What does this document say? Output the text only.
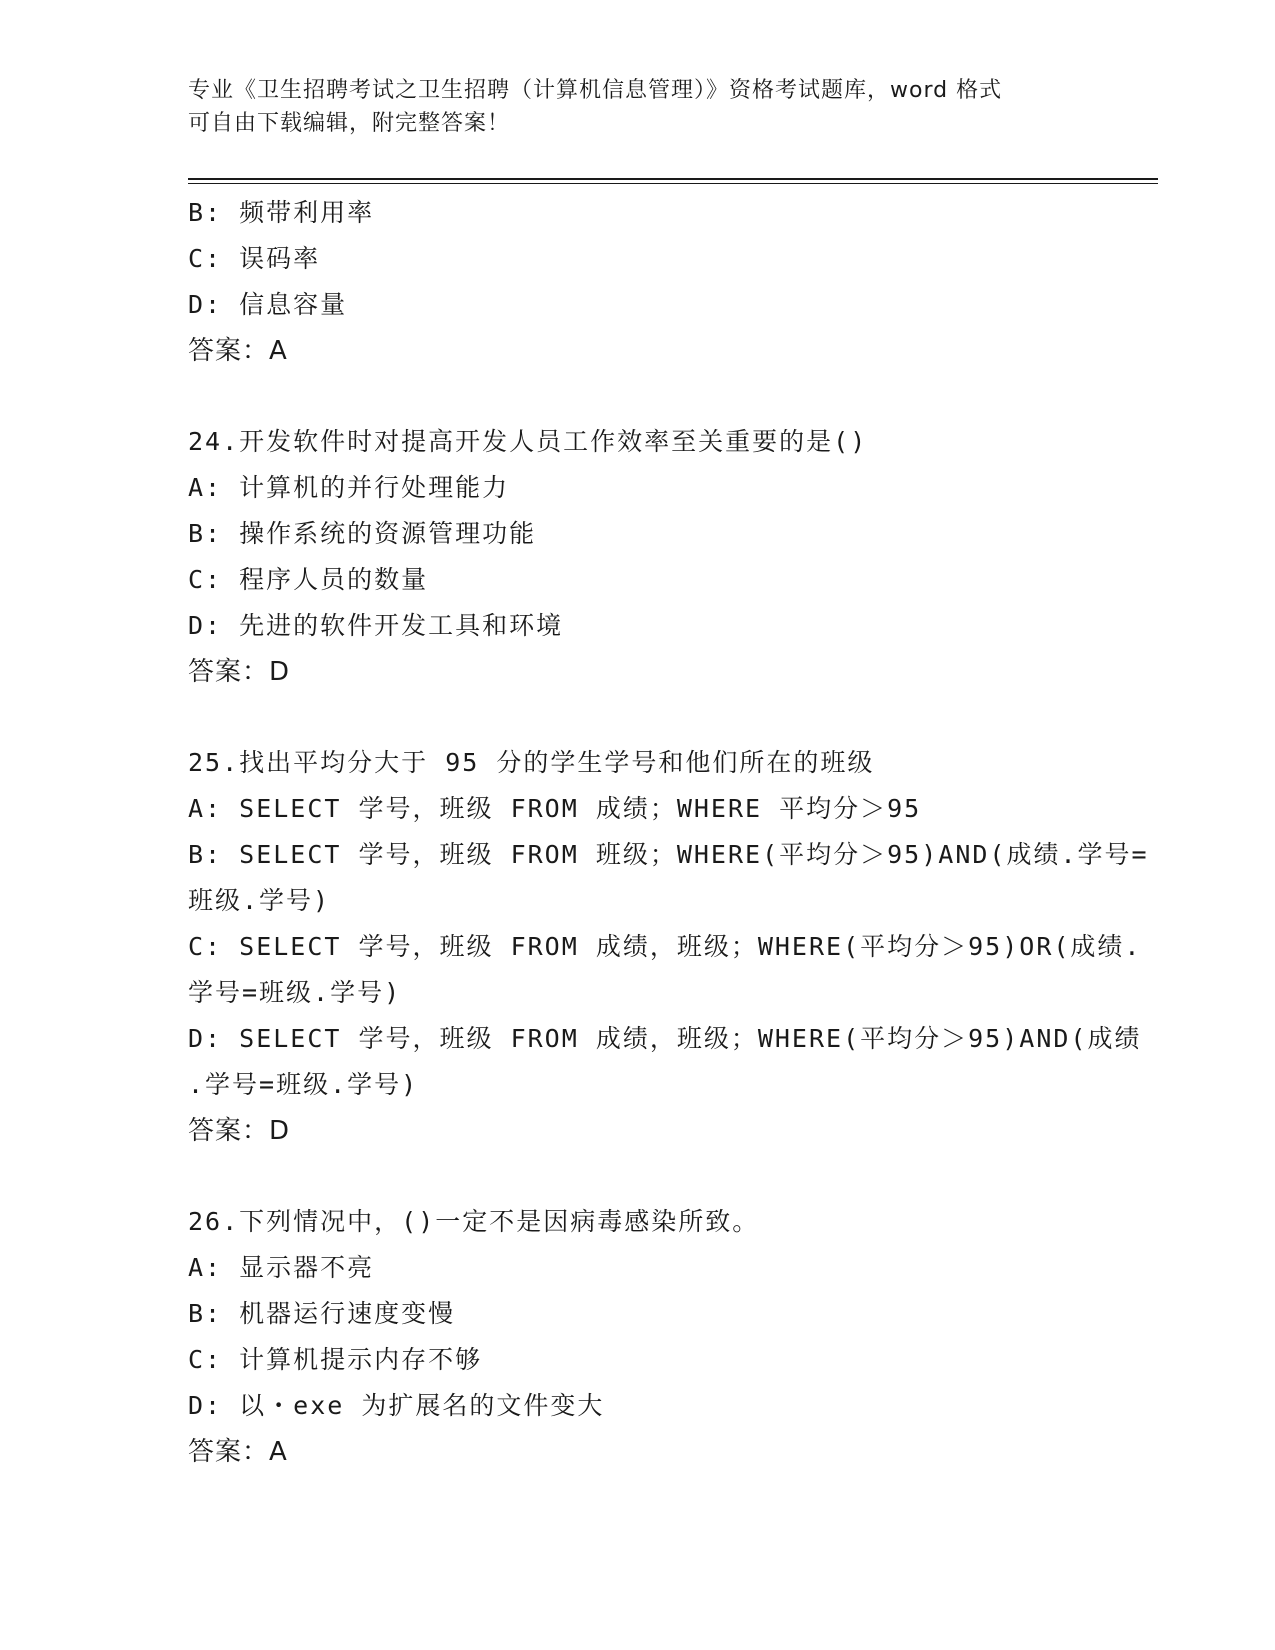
专业《卫生招聘考试之卫生招聘（计算机信息管理）》资格考试题库，word 格式
可自由下载编辑，附完整答案！
B: 频带利用率
C: 误码率
D: 信息容量
答案：A
24.开发软件时对提高开发人员工作效率至关重要的是()
A: 计算机的并行处理能力
B: 操作系统的资源管理功能
C: 程序人员的数量
D: 先进的软件开发工具和环境
答案：D
25.找出平均分大于 95 分的学生学号和他们所在的班级
A: SELECT 学号，班级 FROM 成绩；WHERE 平均分＞95
B: SELECT 学号，班级 FROM 班级；WHERE(平均分＞95)AND(成绩.学号=
班级.学号)
C: SELECT 学号，班级 FROM 成绩，班级；WHERE(平均分＞95)OR(成绩.
学号=班级.学号)
D: SELECT 学号，班级 FROM 成绩，班级；WHERE(平均分＞95)AND(成绩
.学号=班级.学号)
答案：D
26.下列情况中，()一定不是因病毒感染所致。
A: 显示器不亮
B: 机器运行速度变慢
C: 计算机提示内存不够
D: 以・exe 为扩展名的文件变大
答案：A
